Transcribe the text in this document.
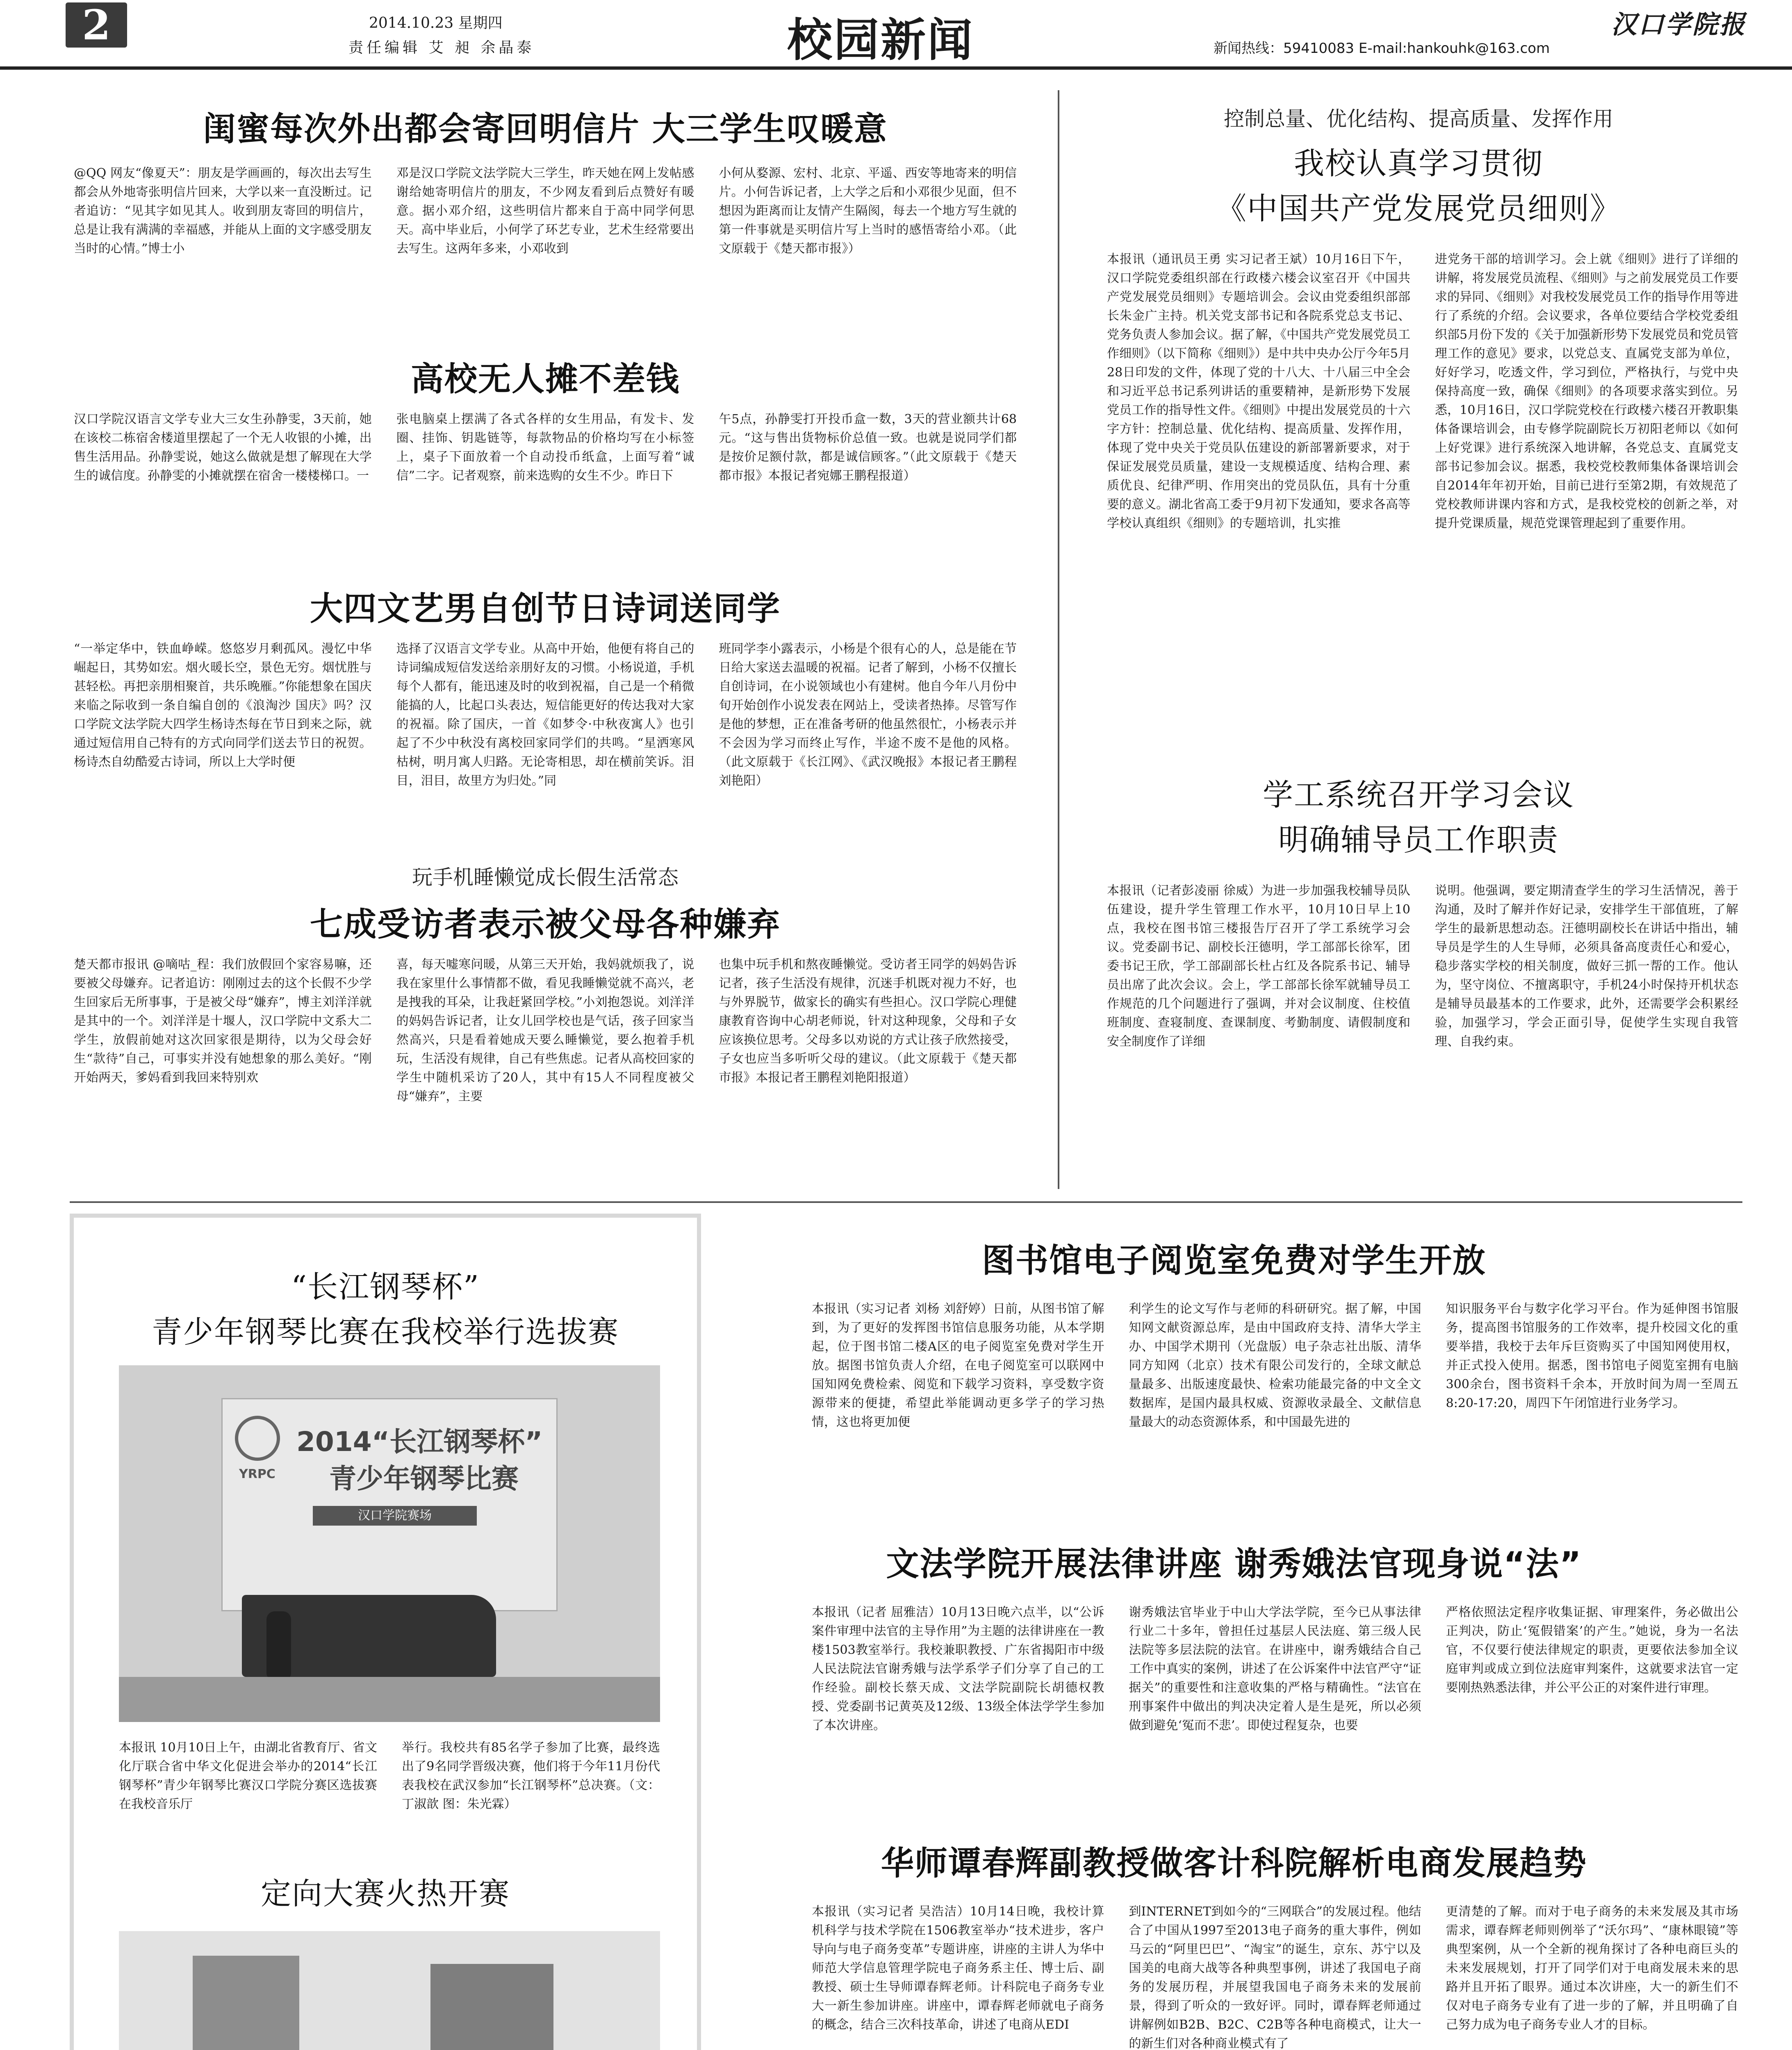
2	2014.10.23 星期四
责任编辑 艾 昶 余晶泰	校园新闻	新闻热线：59410083 E-mail:hankouhk@163.com
汉口学院报
闺蜜每次外出都会寄回明信片 大三学生叹暖意
@QQ 网友“像夏天”：朋友是学画画的，每次出去写生都会从外地寄张明信片回来，大学以来一直没断过。记者追访：“见其字如见其人。收到朋友寄回的明信片，总是让我有满满的幸福感，并能从上面的文字感受朋友当时的心情。”博士小
邓是汉口学院文法学院大三学生，昨天她在网上发帖感谢给她寄明信片的朋友，不少网友看到后点赞好有暖意。据小邓介绍，这些明信片都来自于高中同学何思天。高中毕业后，小何学了环艺专业，艺术生经常要出去写生。这两年多来，小邓收到
小何从婺源、宏村、北京、平遥、西安等地寄来的明信片。小何告诉记者，上大学之后和小邓很少见面，但不想因为距离而让友情产生隔阂，每去一个地方写生就的第一件事就是买明信片写上当时的感悟寄给小邓。（此文原载于《楚天都市报》）
高校无人摊不差钱
汉口学院汉语言文学专业大三女生孙静雯，3天前，她在该校二栋宿舍楼道里摆起了一个无人收银的小摊，出售生活用品。孙静雯说，她这么做就是想了解现在大学生的诚信度。孙静雯的小摊就摆在宿舍一楼楼梯口。一
张电脑桌上摆满了各式各样的女生用品，有发卡、发圈、挂饰、钥匙链等，每款物品的价格均写在小标签上，桌子下面放着一个自动投币纸盒，上面写着“诚信”二字。记者观察，前来选购的女生不少。昨日下
午5点，孙静雯打开投币盒一数，3天的营业额共计68元。“这与售出货物标价总值一致。也就是说同学们都是按价足额付款，都是诚信顾客。”（此文原载于《楚天都市报》本报记者宛娜王鹏程报道）
大四文艺男自创节日诗词送同学
“一举定华中，铁血峥嵘。悠悠岁月剩孤风。漫忆中华崛起日，其势如宏。烟火暖长空，景色无穷。烟忧胜与甚轻松。再把亲朋相聚首，共乐晚雁。”你能想象在国庆来临之际收到一条自编自创的《浪淘沙 国庆》吗？汉口学院文法学院大四学生杨诗杰每在节日到来之际，就通过短信用自己特有的方式向同学们送去节日的祝贺。杨诗杰自幼酷爱古诗词，所以上大学时便
选择了汉语言文学专业。从高中开始，他便有将自己的诗词编成短信发送给亲朋好友的习惯。小杨说道，手机每个人都有，能迅速及时的收到祝福，自己是一个稍微能搞的人，比起口头表达，短信能更好的传达我对大家的祝福。除了国庆，一首《如梦令·中秋夜寓人》也引起了不少中秋没有离校回家同学们的共鸣。“星洒寒风枯树，明月寓人归路。无论寄相思，却在横前笑诉。泪目，泪目，故里方为归处。”同
班同学李小露表示，小杨是个很有心的人，总是能在节日给大家送去温暖的祝福。记者了解到，小杨不仅擅长自创诗词，在小说领域也小有建树。他自今年八月份中旬开始创作小说发表在网站上，受读者热捧。尽管写作是他的梦想，正在准备考研的他虽然很忙，小杨表示并不会因为学习而终止写作，半途不废不是他的风格。（此文原载于《长江网》、《武汉晚报》本报记者王鹏程刘艳阳）
玩手机睡懒觉成长假生活常态
七成受访者表示被父母各种嫌弃
楚天都市报讯 @嘀咕_程：我们放假回个家容易嘛，还要被父母嫌弃。记者追访：刚刚过去的这个长假不少学生回家后无所事事，于是被父母“嫌弃”，博主刘洋洋就是其中的一个。刘洋洋是十堰人，汉口学院中文系大二学生，放假前她对这次回家很是期待，以为父母会好生“款待”自己，可事实并没有她想象的那么美好。“刚开始两天，爹妈看到我回来特别欢
喜，每天嘘寒问暖，从第三天开始，我妈就烦我了，说我在家里什么事情都不做，看见我睡懒觉就不高兴，老是拽我的耳朵，让我赶紧回学校。”小刘抱怨说。刘洋洋的妈妈告诉记者，让女儿回学校也是气话，孩子回家当然高兴，只是看着她成天要么睡懒觉，要么抱着手机玩，生活没有规律，自己有些焦虑。记者从高校回家的学生中随机采访了20人，其中有15人不同程度被父母“嫌弃”，主要
也集中玩手机和熬夜睡懒觉。受访者王同学的妈妈告诉记者，孩子生活没有规律，沉迷手机既对视力不好，也与外界脱节，做家长的确实有些担心。汉口学院心理健康教育咨询中心胡老师说，针对这种现象，父母和子女应该换位思考。父母多以劝说的方式让孩子欣然接受，子女也应当多听听父母的建议。（此文原载于《楚天都市报》本报记者王鹏程刘艳阳报道）
控制总量、优化结构、提高质量、发挥作用
我校认真学习贯彻
《中国共产党发展党员细则》
本报讯（通讯员王勇 实习记者王斌）10月16日下午，汉口学院党委组织部在行政楼六楼会议室召开《中国共产党发展党员细则》专题培训会。会议由党委组织部部长朱金广主持。机关党支部书记和各院系党总支书记、党务负责人参加会议。据了解，《中国共产党发展党员工作细则》（以下简称《细则》）是中共中央办公厅今年5月28日印发的文件，体现了党的十八大、十八届三中全会和习近平总书记系列讲话的重要精神，是新形势下发展党员工作的指导性文件。《细则》中提出发展党员的十六字方针：控制总量、优化结构、提高质量、发挥作用，体现了党中央关于党员队伍建设的新部署新要求，对于保证发展党员质量，建设一支规模适度、结构合理、素质优良、纪律严明、作用突出的党员队伍，具有十分重要的意义。湖北省高工委于9月初下发通知，要求各高等学校认真组织《细则》的专题培训，扎实推
进党务干部的培训学习。会上就《细则》进行了详细的讲解，将发展党员流程、《细则》与之前发展党员工作要求的异同、《细则》对我校发展党员工作的指导作用等进行了系统的介绍。会议要求，各单位要结合学校党委组织部5月份下发的《关于加强新形势下发展党员和党员管理工作的意见》要求，以党总支、直属党支部为单位，好好学习，吃透文件，学习到位，严格执行，与党中央保持高度一致，确保《细则》的各项要求落实到位。另悉，10月16日，汉口学院党校在行政楼六楼召开教职集体备课培训会，由专修学院副院长万初阳老师以《如何上好党课》进行系统深入地讲解，各党总支、直属党支部书记参加会议。据悉，我校党校教师集体备课培训会自2014年年初开始，目前已进行至第2期，有效规范了党校教师讲课内容和方式，是我校党校的创新之举，对提升党课质量，规范党课管理起到了重要作用。
学工系统召开学习会议
明确辅导员工作职责
本报讯（记者彭凌丽 徐威）为进一步加强我校辅导员队伍建设，提升学生管理工作水平，10月10日早上10点，我校在图书馆三楼报告厅召开了学工系统学习会议。党委副书记、副校长汪德明，学工部部长徐军，团委书记王欣，学工部副部长杜占红及各院系书记、辅导员出席了此次会议。会上，学工部部长徐军就辅导员工作规范的几个问题进行了强调，并对会议制度、住校值班制度、查寝制度、查课制度、考勤制度、请假制度和安全制度作了详细
说明。他强调，要定期清查学生的学习生活情况，善于沟通，及时了解并作好记录，安排学生干部值班，了解学生的最新思想动态。汪德明副校长在讲话中指出，辅导员是学生的人生导师，必须具备高度责任心和爱心，稳步落实学校的相关制度，做好三抓一帮的工作。他认为，坚守岗位、不擅离职守，手机24小时保持开机状态是辅导员最基本的工作要求，此外，还需要学会积累经验，加强学习，学会正面引导，促使学生实现自我管理、自我约束。
“长江钢琴杯”
青少年钢琴比赛在我校举行选拔赛
YRPC
2014“长江钢琴杯”
青少年钢琴比赛
汉口学院赛场
本报讯 10月10日上午，由湖北省教育厅、省文化厅联合省中华文化促进会举办的2014“长江钢琴杯”青少年钢琴比赛汉口学院分赛区选拔赛在我校音乐厅
举行。我校共有85名学子参加了比赛，最终选出了9名同学晋级决赛，他们将于今年11月份代表我校在武汉参加“长江钢琴杯”总决赛。（文：丁淑歆 图：朱光霖）
定向大赛火热开赛
图书馆电子阅览室免费对学生开放
本报讯（实习记者 刘杨 刘舒婷）日前，从图书馆了解到，为了更好的发挥图书馆信息服务功能，从本学期起，位于图书馆二楼A区的电子阅览室免费对学生开放。据图书馆负责人介绍，在电子阅览室可以联网中国知网免费检索、阅览和下载学习资料，享受数字资源带来的便捷，希望此举能调动更多学子的学习热情，这也将更加便
利学生的论文写作与老师的科研研究。据了解，中国知网文献资源总库，是由中国政府支持、清华大学主办、中国学术期刊（光盘版）电子杂志社出版、清华同方知网（北京）技术有限公司发行的，全球文献总量最多、出版速度最快、检索功能最完备的中文全文数据库，是国内最具权威、资源收录最全、文献信息量最大的动态资源体系，和中国最先进的
知识服务平台与数字化学习平台。作为延伸图书馆服务，提高图书馆服务的工作效率，提升校园文化的重要举措，我校于去年斥巨资购买了中国知网使用权，并正式投入使用。据悉，图书馆电子阅览室拥有电脑300余台，图书资料千余本，开放时间为周一至周五8:20-17:20，周四下午闭馆进行业务学习。
文法学院开展法律讲座 谢秀娥法官现身说“法”
本报讯（记者 屈雅洁）10月13日晚六点半，以“公诉案件审理中法官的主导作用”为主题的法律讲座在一教楼1503教室举行。我校兼职教授、广东省揭阳市中级人民法院法官谢秀娥与法学系学子们分享了自己的工作经验。副校长蔡天成、文法学院副院长胡德权教授、党委副书记黄英及12级、13级全体法学学生参加了本次讲座。
谢秀娥法官毕业于中山大学法学院，至今已从事法律行业二十多年，曾担任过基层人民法庭、第三级人民法院等多层法院的法官。在讲座中，谢秀娥结合自己工作中真实的案例，讲述了在公诉案件中法官严守“证据关”的重要性和注意收集的严格与精确性。“法官在刑事案件中做出的判决决定着人是生是死，所以必须做到避免‘冤而不悲’。即使过程复杂，也要
严格依照法定程序收集证据、审理案件，务必做出公正判决，防止‘冤假错案’的产生。”她说，身为一名法官，不仅要行使法律规定的职责，更要依法参加全议庭审判或成立到位法庭审判案件，这就要求法官一定要刚热熟悉法律，并公平公正的对案件进行审理。
华师谭春辉副教授做客计科院解析电商发展趋势
本报讯（实习记者 吴浩洁）10月14日晚，我校计算机科学与技术学院在1506教室举办“技术进步，客户导向与电子商务变革”专题讲座，讲座的主讲人为华中师范大学信息管理学院电子商务系主任、博士后、副教授、硕士生导师谭春辉老师。计科院电子商务专业大一新生参加讲座。讲座中，谭春辉老师就电子商务的概念，结合三次科技革命，讲述了电商从EDI
到INTERNET到如今的“三网联合”的发展过程。他结合了中国从1997至2013电子商务的重大事件，例如马云的“阿里巴巴”、“淘宝”的诞生，京东、苏宁以及国美的电商大战等各种典型事例，讲述了我国电子商务的发展历程，并展望我国电子商务未来的发展前景，得到了听众的一致好评。同时，谭春辉老师通过讲解例如B2B、B2C、C2B等各种电商模式，让大一的新生们对各种商业模式有了
更清楚的了解。而对于电子商务的未来发展及其市场需求，谭春辉老师则例举了“沃尔玛”、“康林眼镜”等典型案例，从一个全新的视角探讨了各种电商巨头的未来发展规划，打开了同学们对于电商发展未来的思路并且开拓了眼界。通过本次讲座，大一的新生们不仅对电子商务专业有了进一步的了解，并且明确了自己努力成为电子商务专业人才的目标。
